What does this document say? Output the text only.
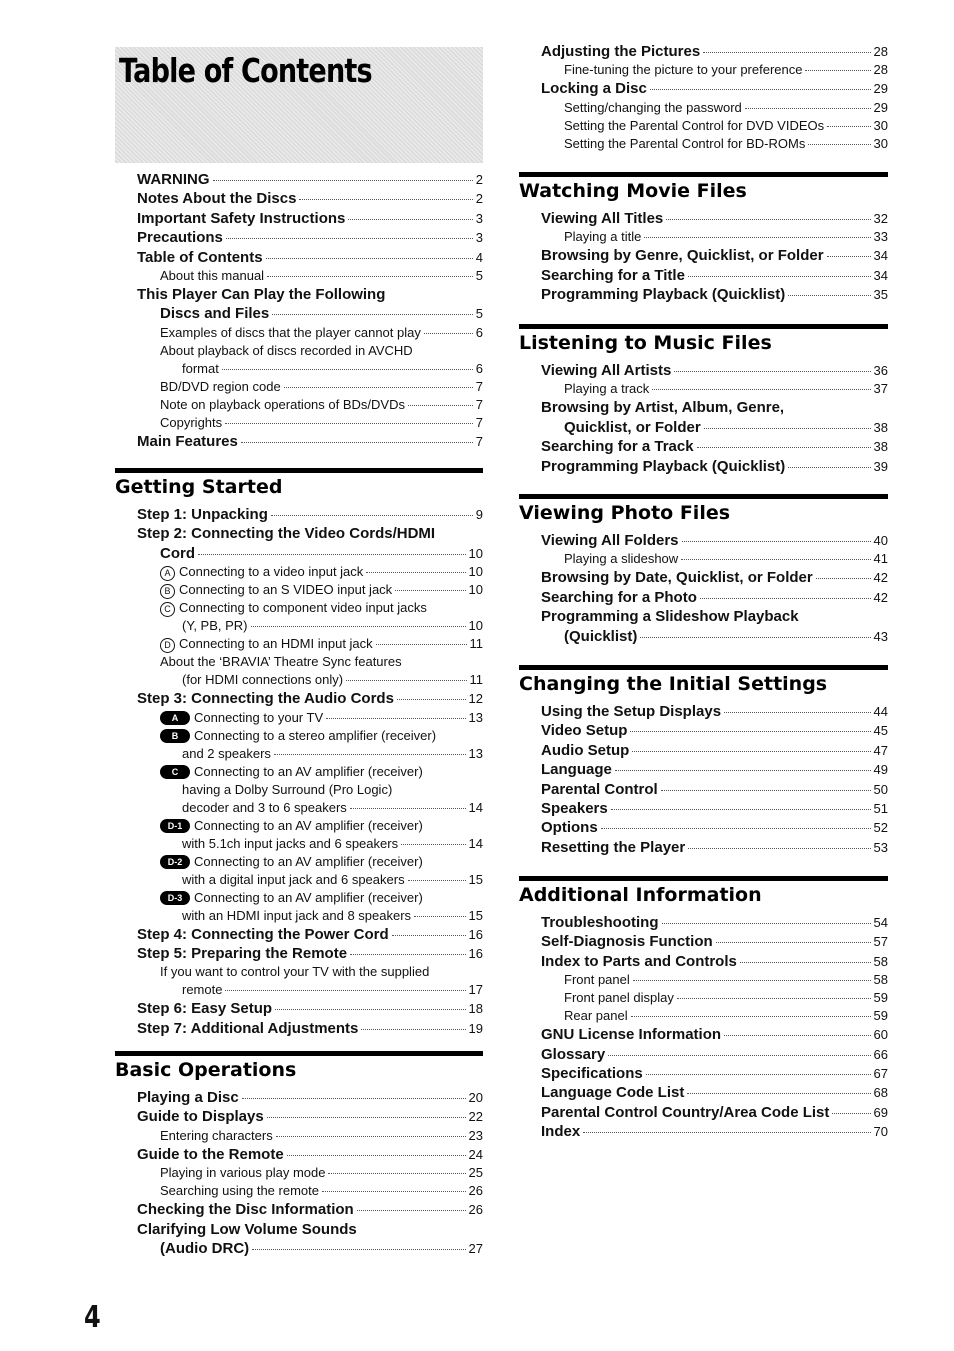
Table of Contents
WARNING	2
Notes About the Discs	2
Important Safety Instructions	3
Precautions	3
Table of Contents	4
About this manual	5
This Player Can Play the Following
Discs and Files	5
Examples of discs that the player cannot play	6
About playback of discs recorded in AVCHD
format	6
BD/DVD region code	7
Note on playback operations of BDs/DVDs	7
Copyrights	7
Main Features	7
Getting Started
Step 1: Unpacking	9
Step 2: Connecting the Video Cords/HDMI
Cord	10
A Connecting to a video input jack	10
B Connecting to an S VIDEO input jack	10
C Connecting to component video input jacks
(Y, PB, PR)	10
D Connecting to an HDMI input jack	11
About the ‘BRAVIA’ Theatre Sync features
(for HDMI connections only)	11
Step 3: Connecting the Audio Cords	12
A Connecting to your TV	13
B Connecting to a stereo amplifier (receiver)
and 2 speakers	13
C Connecting to an AV amplifier (receiver)
having a Dolby Surround (Pro Logic)
decoder and 3 to 6 speakers	14
D-1 Connecting to an AV amplifier (receiver)
with 5.1ch input jacks and 6 speakers	14
D-2 Connecting to an AV amplifier (receiver)
with a digital input jack and 6 speakers	15
D-3 Connecting to an AV amplifier (receiver)
with an HDMI input jack and 8 speakers	15
Step 4: Connecting the Power Cord	16
Step 5: Preparing the Remote	16
If you want to control your TV with the supplied
remote	17
Step 6: Easy Setup	18
Step 7: Additional Adjustments	19
Basic Operations
Playing a Disc	20
Guide to Displays	22
Entering characters	23
Guide to the Remote	24
Playing in various play mode	25
Searching using the remote	26
Checking the Disc Information	26
Clarifying Low Volume Sounds
(Audio DRC)	27
Adjusting the Pictures	28
Fine-tuning the picture to your preference	28
Locking a Disc	29
Setting/changing the password	29
Setting the Parental Control for DVD VIDEOs	30
Setting the Parental Control for BD-ROMs	30
Watching Movie Files
Viewing All Titles	32
Playing a title	33
Browsing by Genre, Quicklist, or Folder	34
Searching for a Title	34
Programming Playback (Quicklist)	35
Listening to Music Files
Viewing All Artists	36
Playing a track	37
Browsing by Artist, Album, Genre,
Quicklist, or Folder	38
Searching for a Track	38
Programming Playback (Quicklist)	39
Viewing Photo Files
Viewing All Folders	40
Playing a slideshow	41
Browsing by Date, Quicklist, or Folder	42
Searching for a Photo	42
Programming a Slideshow Playback
(Quicklist)	43
Changing the Initial Settings
Using the Setup Displays	44
Video Setup	45
Audio Setup	47
Language	49
Parental Control	50
Speakers	51
Options	52
Resetting the Player	53
Additional Information
Troubleshooting	54
Self-Diagnosis Function	57
Index to Parts and Controls	58
Front panel	58
Front panel display	59
Rear panel	59
GNU License Information	60
Glossary	66
Specifications	67
Language Code List	68
Parental Control Country/Area Code List	69
Index	70
4
